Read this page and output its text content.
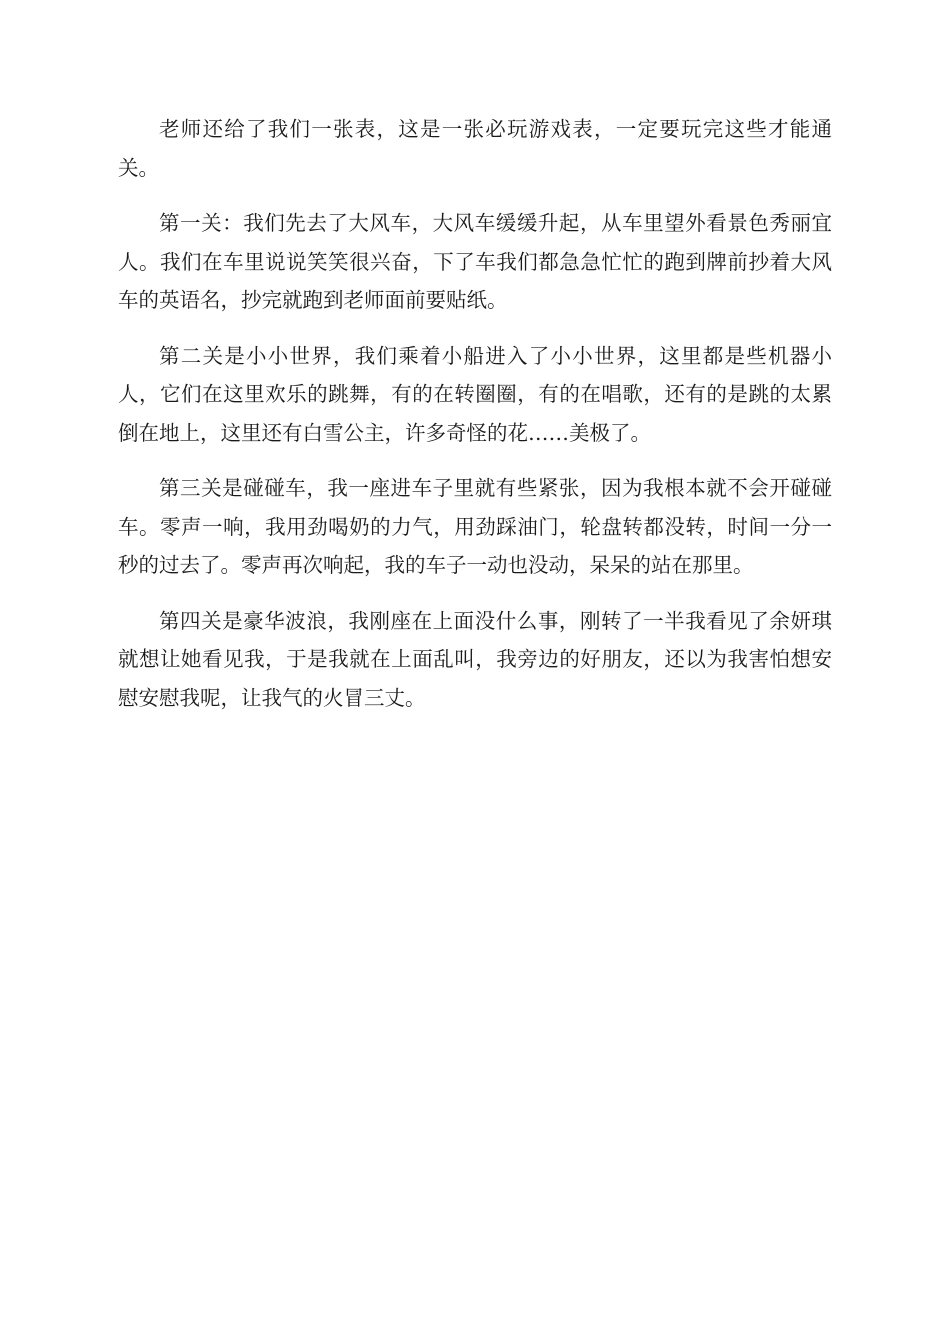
老师还给了我们一张表，这是一张必玩游戏表，一定要玩完这些才能通关。

第一关：我们先去了大风车，大风车缓缓升起，从车里望外看景色秀丽宜人。我们在车里说说笑笑很兴奋，下了车我们都急急忙忙的跑到牌前抄着大风车的英语名，抄完就跑到老师面前要贴纸。

第二关是小小世界，我们乘着小船进入了小小世界，这里都是些机器小人，它们在这里欢乐的跳舞，有的在转圈圈，有的在唱歌，还有的是跳的太累倒在地上，这里还有白雪公主，许多奇怪的花……美极了。

第三关是碰碰车，我一座进车子里就有些紧张，因为我根本就不会开碰碰车。零声一响，我用劲喝奶的力气，用劲踩油门，轮盘转都没转，时间一分一秒的过去了。零声再次响起，我的车子一动也没动，呆呆的站在那里。

第四关是豪华波浪，我刚座在上面没什么事，刚转了一半我看见了余妍琪就想让她看见我，于是我就在上面乱叫，我旁边的好朋友，还以为我害怕想安慰安慰我呢，让我气的火冒三丈。
